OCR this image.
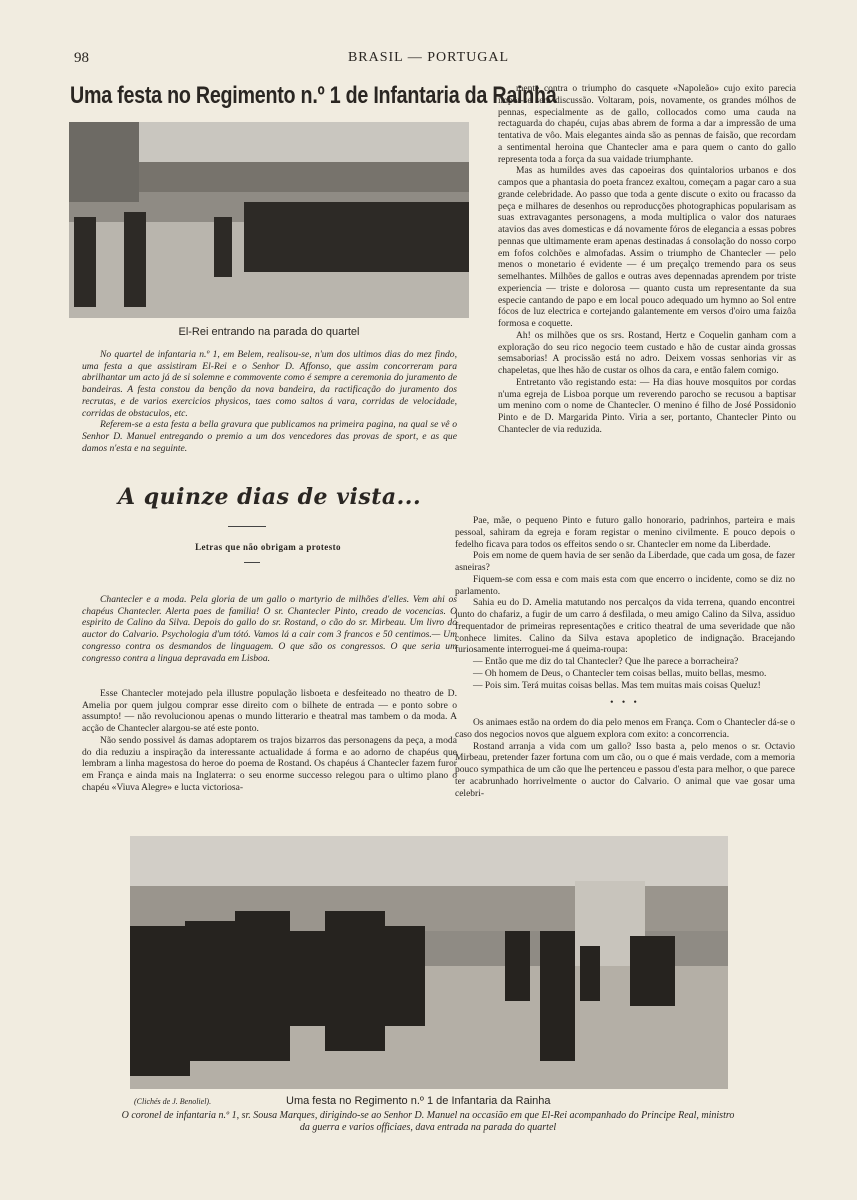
98	BRASIL — PORTUGAL
Uma festa no Regimento n.º 1 de Infantaria da Rainha
El-Rei entrando na parada do quartel

No quartel de infantaria n.º 1, em Belem, realisou-se, n'um dos ultimos dias do mez findo, uma festa a que assistiram El-Rei e o Senhor D. Affonso, que assim concorreram para abrilhantar um acto já de si solemne e commovente como é sempre a ceremonia do juramento de bandeiras. A festa constou da benção da nova bandeira, da ractificação do juramento dos recrutas, e de varios exercicios physicos, taes como saltos á vara, corridas de velocidade, corridas de obstaculos, etc.

Referem-se a esta festa a bella gravura que publicamos na primeira pagina, na qual se vê o Senhor D. Manuel entregando o premio a um dos vencedores das provas de sport, e as que damos n'esta e na seguinte.

A quinze dias de vista...
Letras que não obrigam a protesto

Chantecler e a moda. Pela gloria de um gallo o martyrio de milhões d'elles. Vem ahi os chapéus Chantecler. Alerta paes de familia! O sr. Chantecler Pinto, creado de vocencias. O espirito de Calino da Silva. Depois do gallo do sr. Rostand, o cão do sr. Mirbeau. Um livro do auctor do Calvario. Psychologia d'um tótó. Vamos lá a cair com 3 francos e 50 centimos.— Um congresso contra os desmandos de linguagem. O que são os congressos. O que seria um congresso contra a lingua depravada em Lisboa.

Esse Chantecler motejado pela illustre população lisboeta e desfeiteado no theatro de D. Amelia por quem julgou comprar esse direito com o bilhete de entrada — e ponto sobre o assumpto! — não revolucionou apenas o mundo litterario e theatral mas tambem o da moda. A acção de Chantecler alargou-se até este ponto.

Não sendo possivel ás damas adoptarem os trajos bizarros das personagens da peça, a moda do dia reduziu a inspiração da interessante actualidade á forma e ao adorno de chapéus que lembram a linha magestosa do heroe do poema de Rostand. Os chapéus á Chantecler fazem furor em França e ainda mais na Inglaterra: o seu enorme successo relegou para o ultimo plano o chapéu «Viuva Alegre» e lucta victoriosa-

mente contra o triumpho do casquete «Napoleão» cujo exito parecia impôr-se sem discussão. Voltaram, pois, novamente, os grandes mólhos de pennas, especialmente as de gallo, collocados como uma cauda na rectaguarda do chapéu, cujas abas abrem de forma a dar a impressão de uma tentativa de vôo. Mais elegantes ainda são as pennas de faisão, que recordam a sentimental heroina que Chantecler ama e para quem o canto do gallo representa toda a força da sua vaidade triumphante.

Mas as humildes aves das capoeiras dos quintalorios urbanos e dos campos que a phantasia do poeta francez exaltou, começam a pagar caro a sua grande celebridade. Ao passo que toda a gente discute o exito ou fracasso da peça e milhares de desenhos ou reproducções photographicas popularisam as suas extravagantes personagens, a moda multiplica o valor dos naturaes atavios das aves domesticas e dá novamente fóros de elegancia a essas pobres pennas que ultimamente eram apenas destinadas á consolação do nosso corpo em fofos colchões e almofadas. Assim o triumpho de Chantecler — pelo menos o monetario é evidente — é um preçalço tremendo para os seus semelhantes. Milhões de gallos e outras aves depennadas aprendem por triste experiencia — triste e dolorosa — quanto custa um representante da sua especie cantando de papo e em local pouco adequado um hymno ao Sol entre fócos de luz electrica e cortejando galantemente em versos d'oiro uma faizôa formosa e coquette.

Ah! os milhões que os srs. Rostand, Hertz e Coquelin ganham com a exploração do seu rico negocio teem custado e hão de custar ainda grossas semsaborias! A procissão está no adro. Deixem vossas senhorias vir as chapeletas, que lhes hão de custar os olhos da cara, e então falem comigo.

Entretanto vão registando esta: — Ha dias houve mosquitos por cordas n'uma egreja de Lisboa porque um reverendo parocho se recusou a baptisar um menino com o nome de Chantecler. O menino é filho de José Possidonio Pinto e de D. Margarida Pinto. Viria a ser, portanto, Chantecler Pinto ou Chantecler de via reduzida.

Pae, mãe, o pequeno Pinto e futuro gallo honorario, padrinhos, parteira e mais pessoal, sahiram da egreja e foram registar o menino civilmente. E pouco depois o fedelho ficava para todos os effeitos sendo o sr. Chantecler em nome da Liberdade.

Pois em nome de quem havia de ser senão da Liberdade, que cada um gosa, de fazer asneiras?

Fiquem-se com essa e com mais esta com que encerro o incidente, como se diz no parlamento.

Sahia eu do D. Amelia matutando nos percalços da vida terrena, quando encontrei junto do chafariz, a fugir de um carro á desfilada, o meu amigo Calino da Silva, assiduo frequentador de primeiras representações e critico theatral de uma severidade que não conhece limites. Calino da Silva estava apopletico de indignação. Bracejando furiosamente interroguei-me á queima-roupa:

— Então que me diz do tal Chantecler? Que lhe parece a borracheira?

— Oh homem de Deus, o Chantecler tem coisas bellas, muito bellas, mesmo.

— Pois sim. Terá muitas coisas bellas. Mas tem muitas mais coisas Queluz!

• • •

Os animaes estão na ordem do dia pelo menos em França. Com o Chantecler dá-se o caso dos negocios novos que alguem explora com exito: a concorrencia.

Rostand arranja a vida com um gallo? Isso basta a, pelo menos o sr. Octavio Mirbeau, pretender fazer fortuna com um cão, ou o que é mais verdade, com a memoria pouco sympathica de um cão que lhe pertenceu e passou d'esta para melhor, o que parece ter acabrunhado horrivelmente o auctor do Calvario. O animal que vae gosar uma celebri-

(Clichés de J. Benoliel).	Uma festa no Regimento n.º 1 de Infantaria da Rainha
O coronel de infantaria n.º 1, sr. Sousa Marques, dirigindo-se ao Senhor D. Manuel na occasião em que El-Rei acompanhado do Principe Real, ministro da guerra e varios officiaes, dava entrada na parada do quartel
